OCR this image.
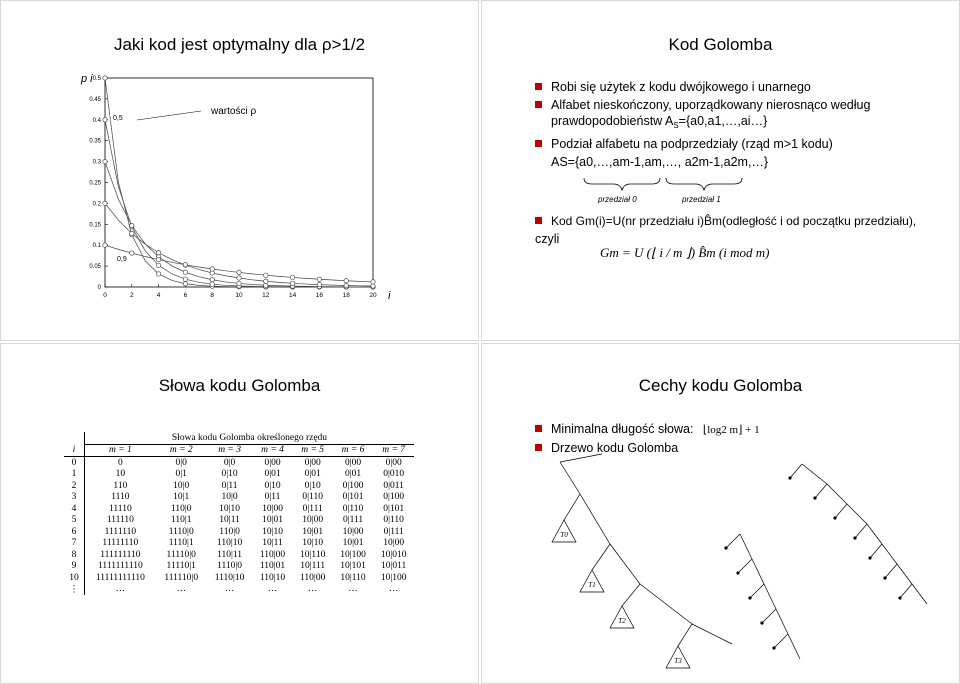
Jaki kod jest optymalny dla ρ>1/2
p i
i
wartości ρ
0,5
0,9
0
0.05
0.1
0.15
0.2
0.25
0.3
0.35
0.4
0.45
0.5
0	2	4	6	8	10	12	14	16	18	20
Kod Golomba
Robi się użytek z kodu dwójkowego i unarnego
Alfabet nieskończony, uporządkowany nierosnąco według
prawdopodobieństw $A_S=\{a0,a1,\dots,ai\dots\}$
Podział alfabetu na podprzedziały (rząd m>1 kodu)
AS={a0,…,am-1,am,…, a2m-1,a2m,…}
przedział 0	przedział 1
Kod Gm(i)=U(nr przedziału i)B̂m(odległość i od początku przedziału),
czyli
Gm = U (⌊ i / m ⌋) B̂m (i mod m)
Słowa kodu Golomba
	Słowa kodu Golomba określonego rzędu						
i	m = 1	m = 2	m = 3	m = 4	m = 5	m = 6	m = 7
0	0	0|0	0|0	0|00	0|00	0|00	0|00
1	10	0|1	0|10	0|01	0|01	0|01	0|010
2	110	10|0	0|11	0|10	0|10	0|100	0|011
3	1110	10|1	10|0	0|11	0|110	0|101	0|100
4	11110	110|0	10|10	10|00	0|111	0|110	0|101
5	111110	110|1	10|11	10|01	10|00	0|111	0|110
6	1111110	1110|0	110|0	10|10	10|01	10|00	0|111
7	11111110	1110|1	110|10	10|11	10|10	10|01	10|00
8	111111110	11110|0	110|11	110|00	10|110	10|100	10|010
9	1111111110	11110|1	1110|0	110|01	10|111	10|101	10|011
10	11111111110	111110|0	1110|10	110|10	110|00	10|110	10|100
⋮	…	…	…	…	…	…	…
Cechy kodu Golomba
Minimalna długość słowa: ⌊log2 m⌋ + 1
Drzewo kodu Golomba
T0
T1
T2
T3
